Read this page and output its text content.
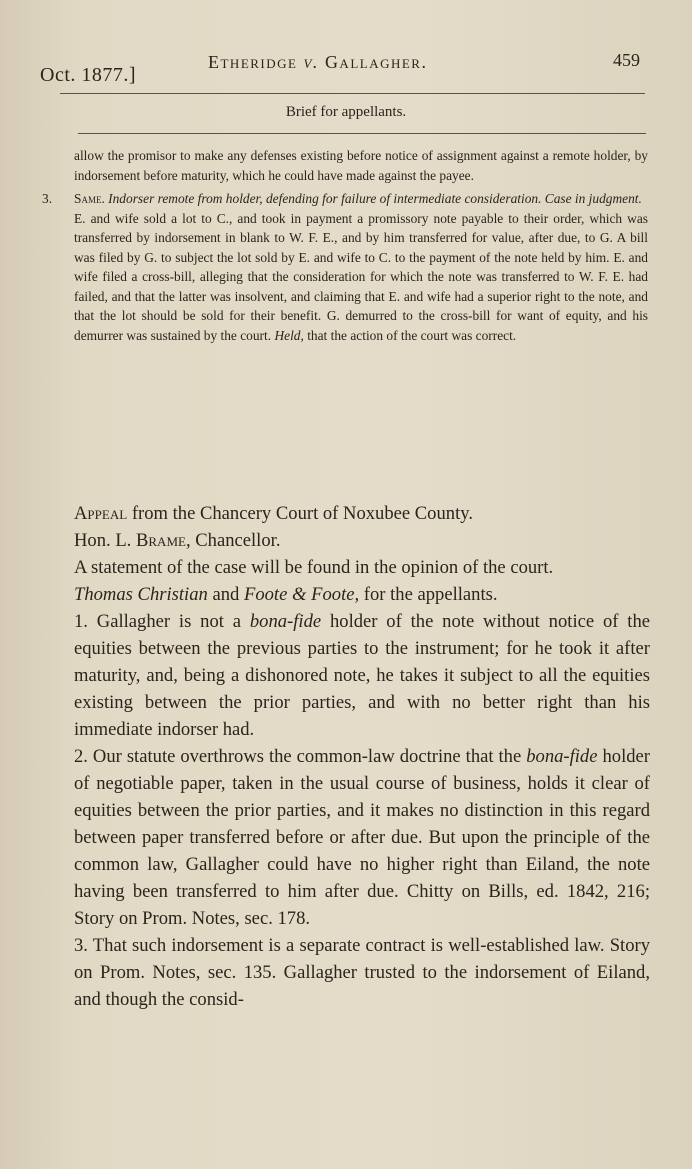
Oct. 1877.]
Etheridge v. Gallagher.	459
Brief for appellants.

allow the promisor to make any defenses existing before notice of assignment against a remote holder, by indorsement before maturity, which he could have made against the payee.

3. Same. Indorser remote from holder, defending for failure of intermediate consideration. Case in judgment.

E. and wife sold a lot to C., and took in payment a promissory note payable to their order, which was transferred by indorsement in blank to W. F. E., and by him transferred for value, after due, to G. A bill was filed by G. to subject the lot sold by E. and wife to C. to the payment of the note held by him. E. and wife filed a cross-bill, alleging that the consideration for which the note was transferred to W. F. E. had failed, and that the latter was insolvent, and claiming that E. and wife had a superior right to the note, and that the lot should be sold for their benefit. G. demurred to the cross-bill for want of equity, and his demurrer was sustained by the court. Held, that the action of the court was correct.

Appeal from the Chancery Court of Noxubee County.

Hon. L. Brame, Chancellor.

A statement of the case will be found in the opinion of the court.

Thomas Christian and Foote & Foote, for the appellants.

1. Gallagher is not a bona-fide holder of the note without notice of the equities between the previous parties to the instrument; for he took it after maturity, and, being a dishonored note, he takes it subject to all the equities existing between the prior parties, and with no better right than his immediate indorser had.

2. Our statute overthrows the common-law doctrine that the bona-fide holder of negotiable paper, taken in the usual course of business, holds it clear of equities between the prior parties, and it makes no distinction in this regard between paper transferred before or after due. But upon the principle of the common law, Gallagher could have no higher right than Eiland, the note having been transferred to him after due. Chitty on Bills, ed. 1842, 216; Story on Prom. Notes, sec. 178.

3. That such indorsement is a separate contract is well-established law. Story on Prom. Notes, sec. 135. Gallagher trusted to the indorsement of Eiland, and though the consid-
